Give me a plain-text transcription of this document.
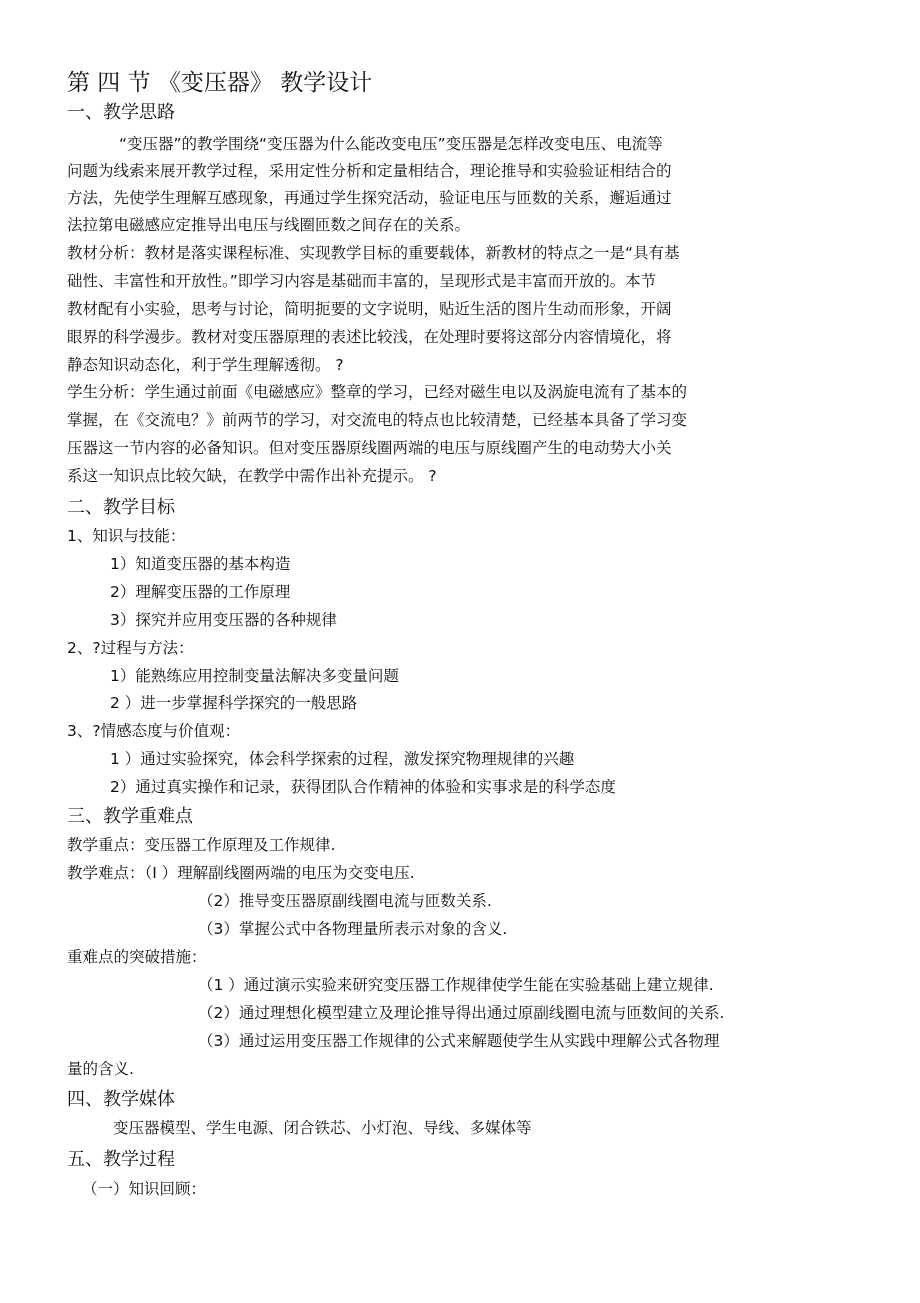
第 四 节 《变压器》 教学设计
一、教学思路
“变压器”的教学围绕“变压器为什么能改变电压”变压器是怎样改变电压、电流等
问题为线索来展开教学过程，采用定性分析和定量相结合，理论推导和实验验证相结合的
方法，先使学生理解互感现象，再通过学生探究活动，验证电压与匝数的关系，邂逅通过
法拉第电磁感应定推导出电压与线圈匝数之间存在的关系。
教材分析：教材是落实课程标准、实现教学目标的重要载体，新教材的特点之一是“具有基
础性、丰富性和开放性。”即学习内容是基础而丰富的，呈现形式是丰富而开放的。本节
教材配有小实验，思考与讨论，简明扼要的文字说明，贴近生活的图片生动而形象，开阔
眼界的科学漫步。教材对变压器原理的表述比较浅，在处理时要将这部分内容情境化，将
静态知识动态化，利于学生理解透彻。 ?
学生分析：学生通过前面《电磁感应》整章的学习，已经对磁生电以及涡旋电流有了基本的
掌握，在《交流电？》前两节的学习，对交流电的特点也比较清楚，已经基本具备了学习变
压器这一节内容的必备知识。但对变压器原线圈两端的电压与原线圈产生的电动势大小关
系这一知识点比较欠缺，在教学中需作出补充提示。 ?
二、教学目标
1、知识与技能：
1）知道变压器的基本构造
2）理解变压器的工作原理
3）探究并应用变压器的各种规律
2、?过程与方法：
1）能熟练应用控制变量法解决多变量问题
2 ）进一步掌握科学探究的一般思路
3、?情感态度与价值观：
1 ）通过实验探究，体会科学探索的过程，激发探究物理规律的兴趣
2）通过真实操作和记录，获得团队合作精神的体验和实事求是的科学态度
三、教学重难点
教学重点：变压器工作原理及工作规律.
教学难点：（I ）理解副线圈两端的电压为交变电压.
（2）推导变压器原副线圈电流与匝数关系.
（3）掌握公式中各物理量所表示对象的含义.
重难点的突破措施：
（1 ）通过演示实验来研究变压器工作规律使学生能在实验基础上建立规律.
（2）通过理想化模型建立及理论推导得出通过原副线圈电流与匝数间的关系.
（3）通过运用变压器工作规律的公式来解题使学生从实践中理解公式各物理
量的含义.
四、教学媒体
变压器模型、学生电源、闭合铁芯、小灯泡、导线、多媒体等
五、教学过程
（一）知识回顾：
